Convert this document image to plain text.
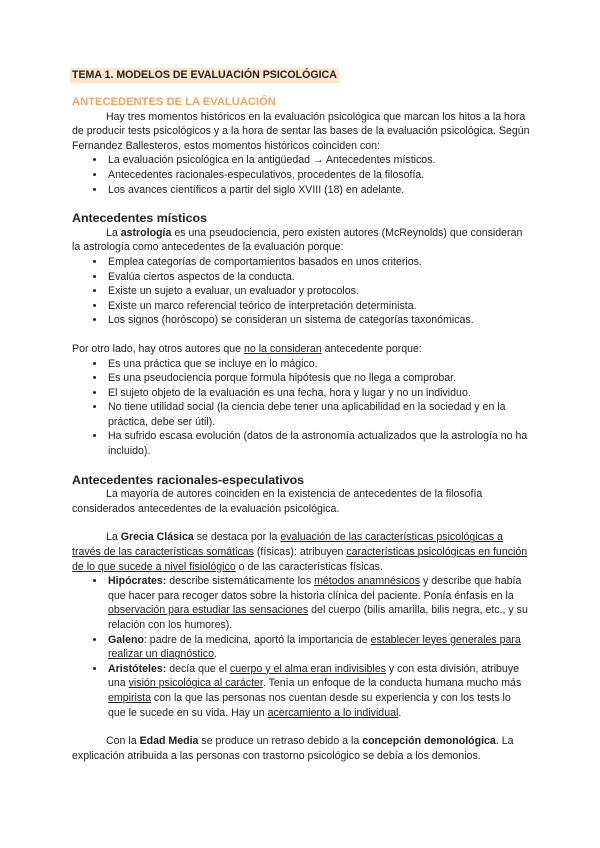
TEMA 1. MODELOS DE EVALUACIÓN PSICOLÓGICA
ANTECEDENTES DE LA EVALUACIÓN

Hay tres momentos históricos en la evaluación psicológica que marcan los hitos a la hora de producir tests psicológicos y a la hora de sentar las bases de la evaluación psicológica. Según Fernandez Ballesteros, estos momentos históricos coinciden con:

• La evaluación psicológica en la antigüedad → Antecedentes místicos.
• Antecedentes racionales-especulativos, procedentes de la filosofía.
• Los avances científicos a partir del siglo XVIII (18) en adelante.
Antecedentes místicos

La astrología es una pseudociencia, pero existen autores (McReynolds) que consideran la astrología como antecedentes de la evaluación porque:

• Emplea categorías de comportamientos basados en unos criterios.
• Evalúa ciertos aspectos de la conducta.
• Existe un sujeto a evaluar, un evaluador y protocolos.
• Existe un marco referencial teórico de interpretación determinista.
• Los signos (horóscopo) se consideran un sistema de categorías taxonómicas.

Por otro lado, hay otros autores que no la consideran antecedente porque:

• Es una práctica que se incluye en lo mágico.
• Es una pseudociencia porque formula hipótesis que no llega a comprobar.
• El sujeto objeto de la evaluación es una fecha, hora y lugar y no un individuo.
• No tiene utilidad social (la ciencia debe tener una aplicabilidad en la sociedad y en la práctica, debe ser útil).
• Ha sufrido escasa evolución (datos de la astronomía actualizados que la astrología no ha incluido).
Antecedentes racionales-especulativos

La mayoría de autores coinciden en la existencia de antecedentes de la filosofía considerados antecedentes de la evaluación psicológica.

La Grecia Clásica se destaca por la evaluación de las características psicológicas a través de las características somáticas (físicas): atribuyen características psicológicas en función de lo que sucede a nivel fisiológico o de las características físicas.

• Hipócrates: describe sistemáticamente los métodos anamnésicos y describe que había que hacer para recoger datos sobre la historia clínica del paciente. Ponía énfasis en la observación para estudiar las sensaciones del cuerpo (bilis amarilla, bilis negra, etc., y su relación con los humores).
• Galeno: padre de la medicina, aportó la importancia de establecer leyes generales para realizar un diagnóstico.
• Aristóteles: decía que el cuerpo y el alma eran indivisibles y con esta división, atribuye una visión psicológica al carácter. Tenía un enfoque de la conducta humana mucho más empirista con la que las personas nos cuentan desde su experiencia y con los tests lo que le sucede en su vida. Hay un acercamiento a lo individual.

Con la Edad Media se produce un retraso debido a la concepción demonológica. La explicación atribuida a las personas con trastorno psicológico se debía a los demonios.
